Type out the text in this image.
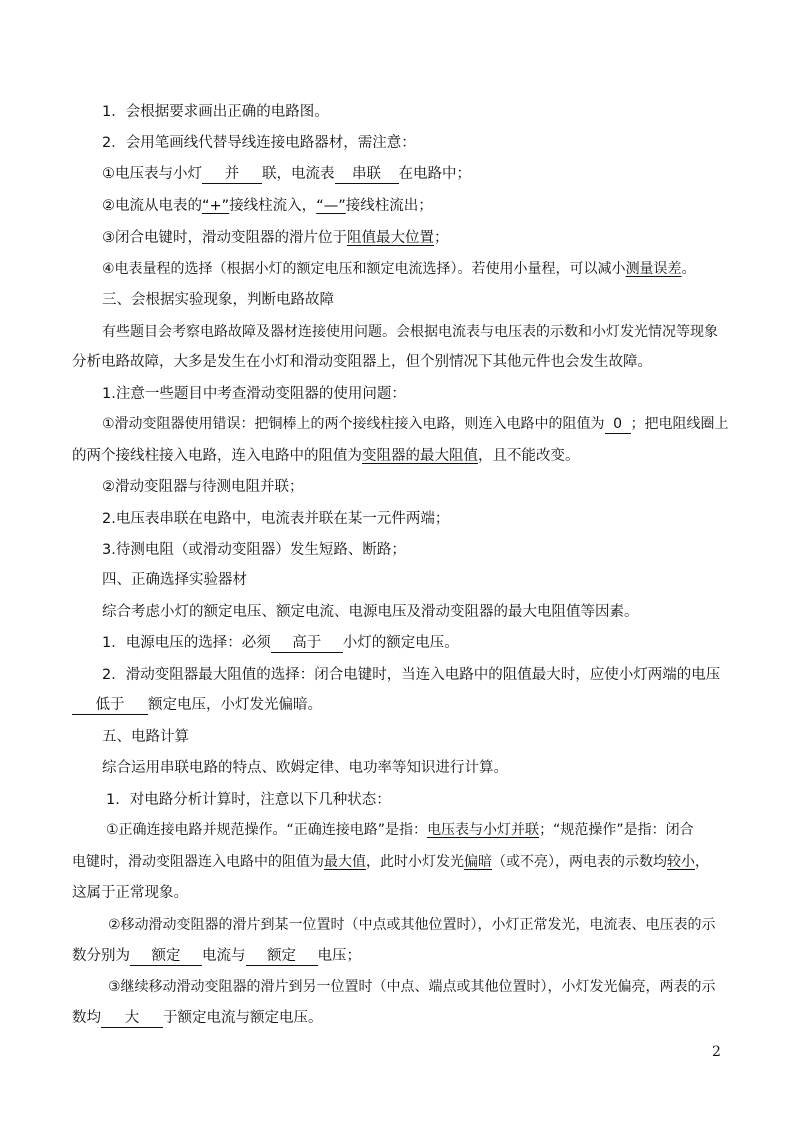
1．会根据要求画出正确的电路图。
2．会用笔画线代替导线连接电路器材，需注意：
①电压表与小灯 并 联，电流表 串联 在电路中；
②电流从电表的“+”接线柱流入，“—”接线柱流出；
③闭合电键时，滑动变阻器的滑片位于阻值最大位置；
④电表量程的选择（根据小灯的额定电压和额定电流选择）。若使用小量程，可以减小测量误差。
三、会根据实验现象，判断电路故障
有些题目会考察电路故障及器材连接使用问题。会根据电流表与电压表的示数和小灯发光情况等现象
分析电路故障，大多是发生在小灯和滑动变阻器上，但个别情况下其他元件也会发生故障。
1.注意一些题目中考查滑动变阻器的使用问题：
①滑动变阻器使用错误：把铜棒上的两个接线柱接入电路，则连入电路中的阻值为 0 ；把电阻线圈上
的两个接线柱接入电路，连入电路中的阻值为变阻器的最大阻值，且不能改变。
②滑动变阻器与待测电阻并联；
2.电压表串联在电路中，电流表并联在某一元件两端；
3.待测电阻（或滑动变阻器）发生短路、断路；
四、正确选择实验器材
综合考虑小灯的额定电压、额定电流、电源电压及滑动变阻器的最大电阻值等因素。
1．电源电压的选择：必须 高于 小灯的额定电压。
2．滑动变阻器最大阻值的选择：闭合电键时，当连入电路中的阻值最大时，应使小灯两端的电压
低于 额定电压，小灯发光偏暗。
五、电路计算
综合运用串联电路的特点、欧姆定律、电功率等知识进行计算。
1．对电路分析计算时，注意以下几种状态：
①正确连接电路并规范操作。“正确连接电路”是指：电压表与小灯并联；“规范操作”是指：闭合
电键时，滑动变阻器连入电路中的阻值为最大值，此时小灯发光偏暗（或不亮），两电表的示数均较小，
这属于正常现象。
②移动滑动变阻器的滑片到某一位置时（中点或其他位置时），小灯正常发光，电流表、电压表的示
数分别为 额定 电流与 额定 电压；
③继续移动滑动变阻器的滑片到另一位置时（中点、端点或其他位置时），小灯发光偏亮，两表的示
数均 大 于额定电流与额定电压。
2
